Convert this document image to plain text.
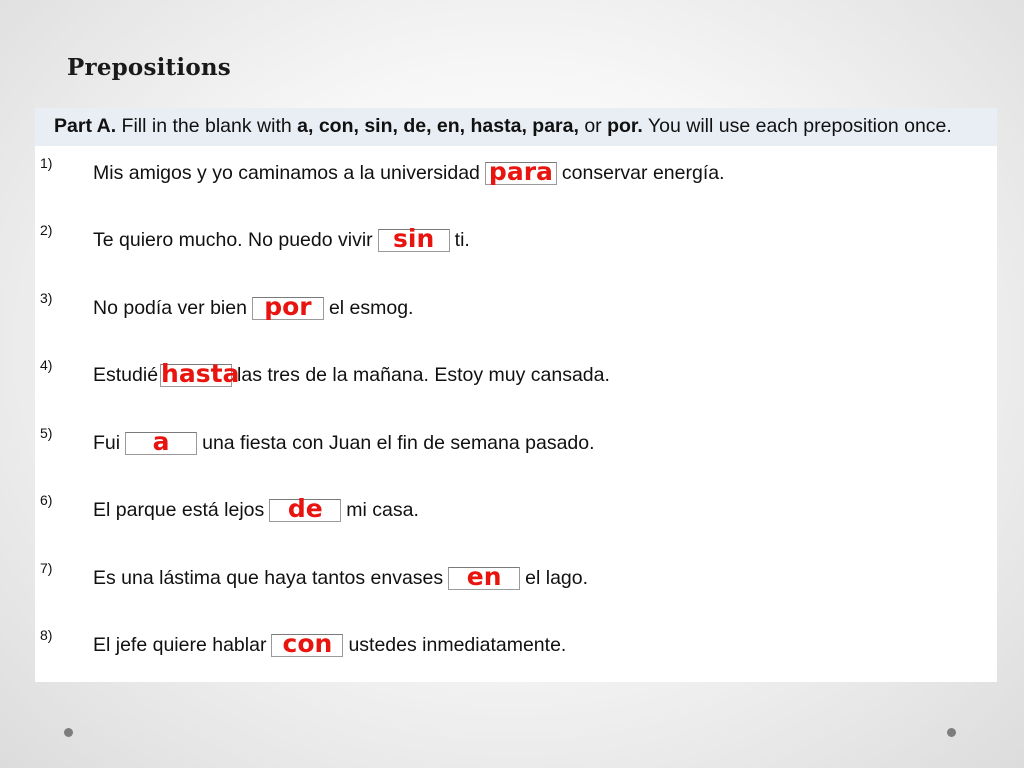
Prepositions
Part A. Fill in the blank with a, con, sin, de, en, hasta, para, or por. You will use each preposition once.
1) Mis amigos y yo caminamos a la universidad para conservar energía.
2) Te quiero mucho. No puedo vivir sin	ti.
3) No podía ver bien por el esmog.
4) Estudié hasta
las tres de la mañana. Estoy muy cansada.
5) Fui	a	una fiesta con Juan el fin de semana pasado.
6) El parque está lejos de	mi casa.
7) Es una lástima que haya tantos envases en	el lago.
8) El jefe quiere hablar con ustedes inmediatamente.
